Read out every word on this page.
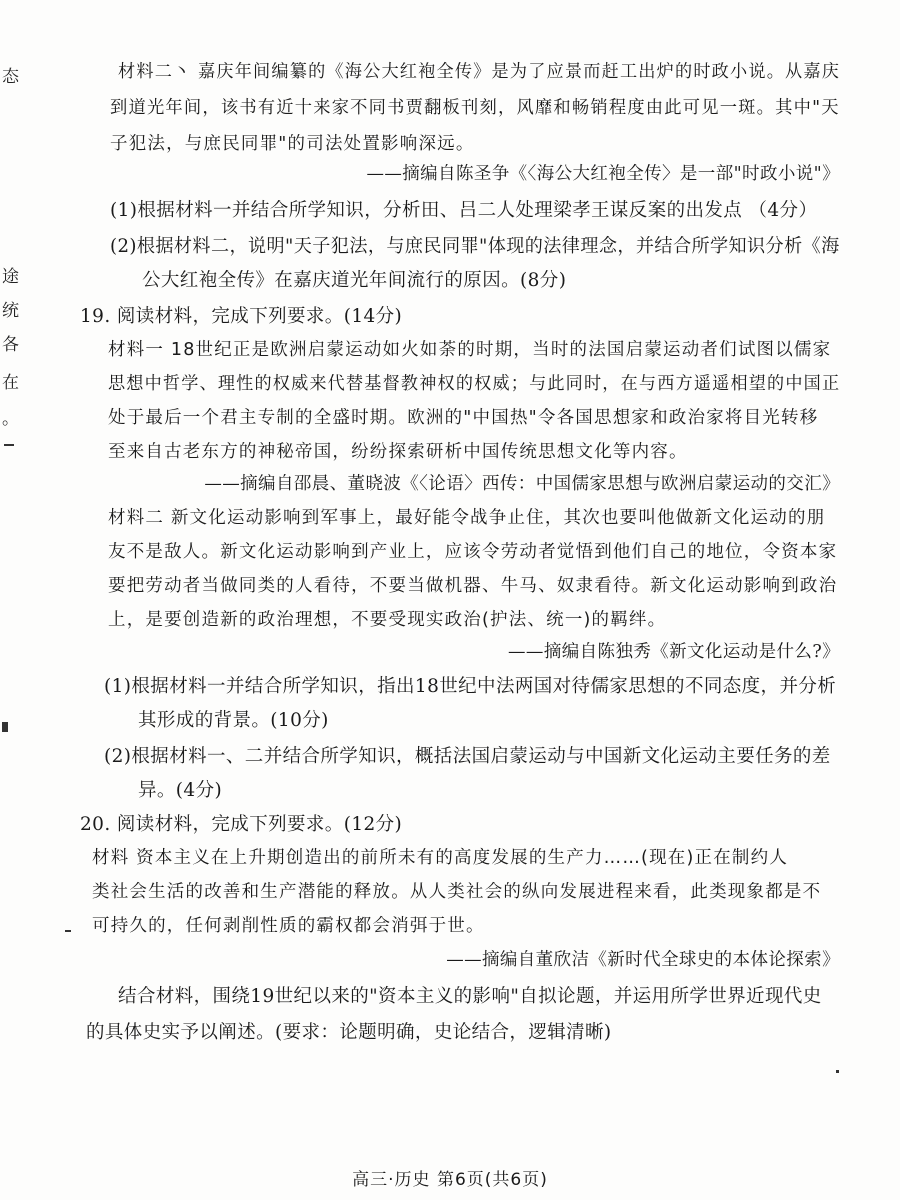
态
途
统
各
在
。
材料二丶 嘉庆年间编纂的《海公大红袍全传》是为了应景而赶工出炉的时政小说。从嘉庆
到道光年间，该书有近十来家不同书贾翻板刊刻，风靡和畅销程度由此可见一斑。其中"天
子犯法，与庶民同罪"的司法处置影响深远。
——摘编自陈圣争《〈海公大红袍全传〉是一部"时政小说"》
(1)根据材料一并结合所学知识，分析田、吕二人处理梁孝王谋反案的出发点 （4分）
(2)根据材料二，说明"天子犯法，与庶民同罪"体现的法律理念，并结合所学知识分析《海
公大红袍全传》在嘉庆道光年间流行的原因。(8分)
19. 阅读材料，完成下列要求。(14分)
材料一 18世纪正是欧洲启蒙运动如火如荼的时期，当时的法国启蒙运动者们试图以儒家
思想中哲学、理性的权威来代替基督教神权的权威；与此同时，在与西方遥遥相望的中国正
处于最后一个君主专制的全盛时期。欧洲的"中国热"令各国思想家和政治家将目光转移
至来自古老东方的神秘帝国，纷纷探索研析中国传统思想文化等内容。
——摘编自邵晨、董晓波《〈论语〉西传：中国儒家思想与欧洲启蒙运动的交汇》
材料二 新文化运动影响到军事上，最好能令战争止住，其次也要叫他做新文化运动的朋
友不是敌人。新文化运动影响到产业上，应该令劳动者觉悟到他们自己的地位，令资本家
要把劳动者当做同类的人看待，不要当做机器、牛马、奴隶看待。新文化运动影响到政治
上，是要创造新的政治理想，不要受现实政治(护法、统一)的羁绊。
——摘编自陈独秀《新文化运动是什么?》
(1)根据材料一并结合所学知识，指出18世纪中法两国对待儒家思想的不同态度，并分析
其形成的背景。(10分)
(2)根据材料一、二并结合所学知识，概括法国启蒙运动与中国新文化运动主要任务的差
异。(4分)
20. 阅读材料，完成下列要求。(12分)
材料 资本主义在上升期创造出的前所未有的高度发展的生产力……(现在)正在制约人
类社会生活的改善和生产潜能的释放。从人类社会的纵向发展进程来看，此类现象都是不
可持久的，任何剥削性质的霸权都会消弭于世。
——摘编自董欣洁《新时代全球史的本体论探索》
结合材料，围绕19世纪以来的"资本主义的影响"自拟论题，并运用所学世界近现代史
的具体史实予以阐述。(要求：论题明确，史论结合，逻辑清晰)
高三·历史 第6页(共6页)
